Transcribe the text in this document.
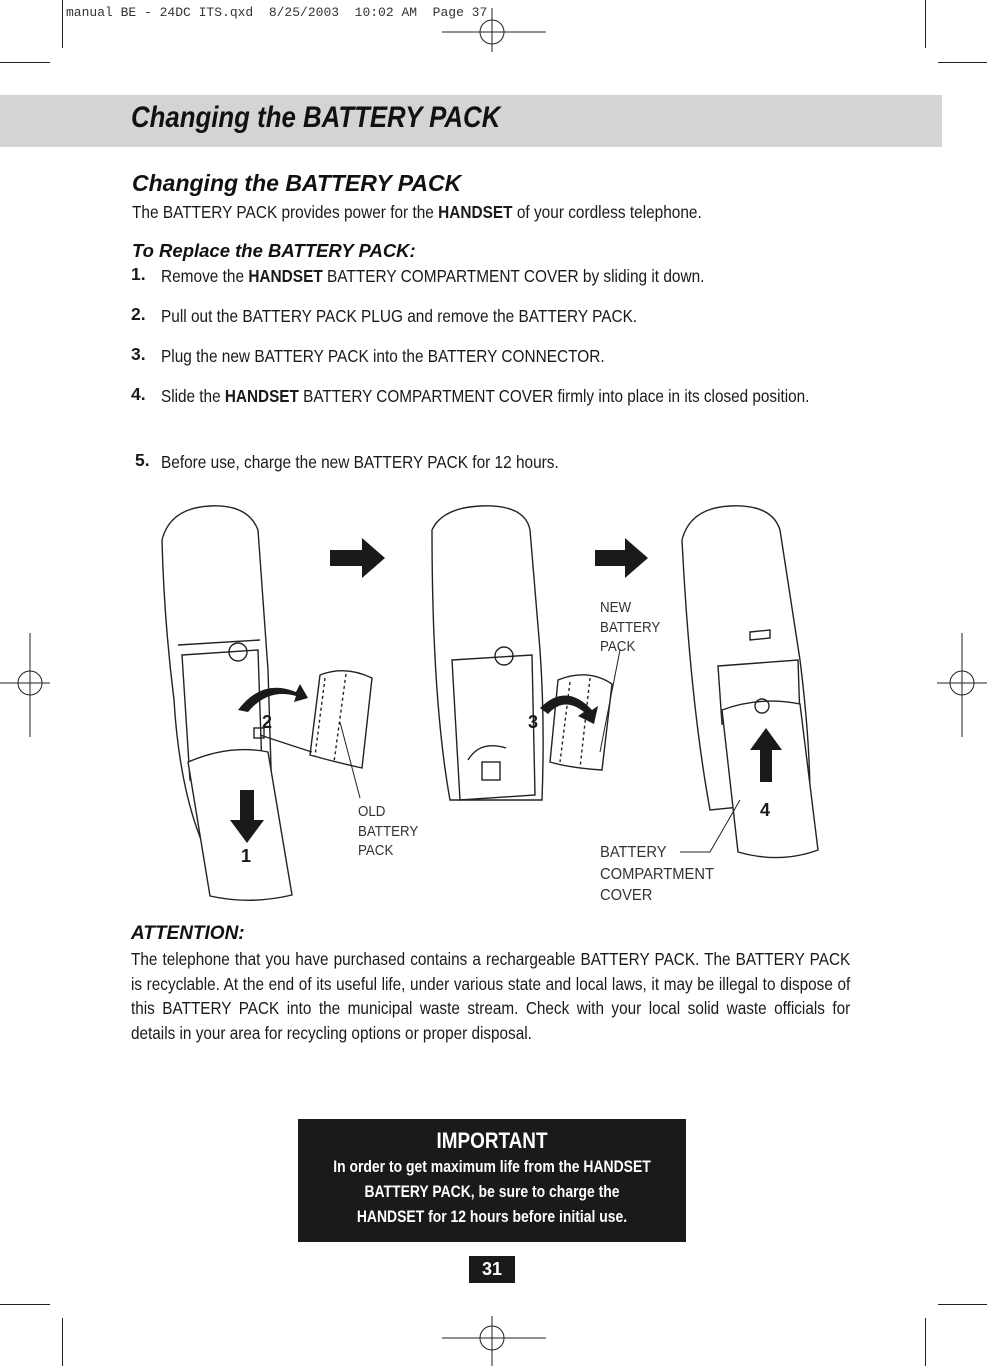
manual BE - 24DC ITS.qxd  8/25/2003  10:02 AM  Page 37
Changing the BATTERY PACK
Changing the BATTERY PACK
The BATTERY PACK provides power for the HANDSET of your cordless telephone.
To Replace the BATTERY PACK:
1. Remove the HANDSET BATTERY COMPARTMENT COVER by sliding it down.
2. Pull out the BATTERY PACK PLUG and remove the BATTERY PACK.
3. Plug the new BATTERY PACK into the BATTERY CONNECTOR.
4. Slide the HANDSET BATTERY COMPARTMENT COVER firmly into place in its closed position.
5. Before use, charge the new BATTERY PACK for 12 hours.
1
2	3
4
NEW
BATTERY
PACK
OLD
BATTERY
PACK	BATTERY
COMPARTMENT
COVER
ATTENTION:
The telephone that you have purchased contains a rechargeable BATTERY PACK. The BATTERY PACK is recyclable. At the end of its useful life, under various state and local laws, it may be illegal to dispose of this BATTERY PACK into the municipal waste stream. Check with your local solid waste officials for details in your area for recycling options or proper disposal.
IMPORTANT
In order to get maximum life from the HANDSET
BATTERY PACK, be sure to charge the
HANDSET for 12 hours before initial use.
31
